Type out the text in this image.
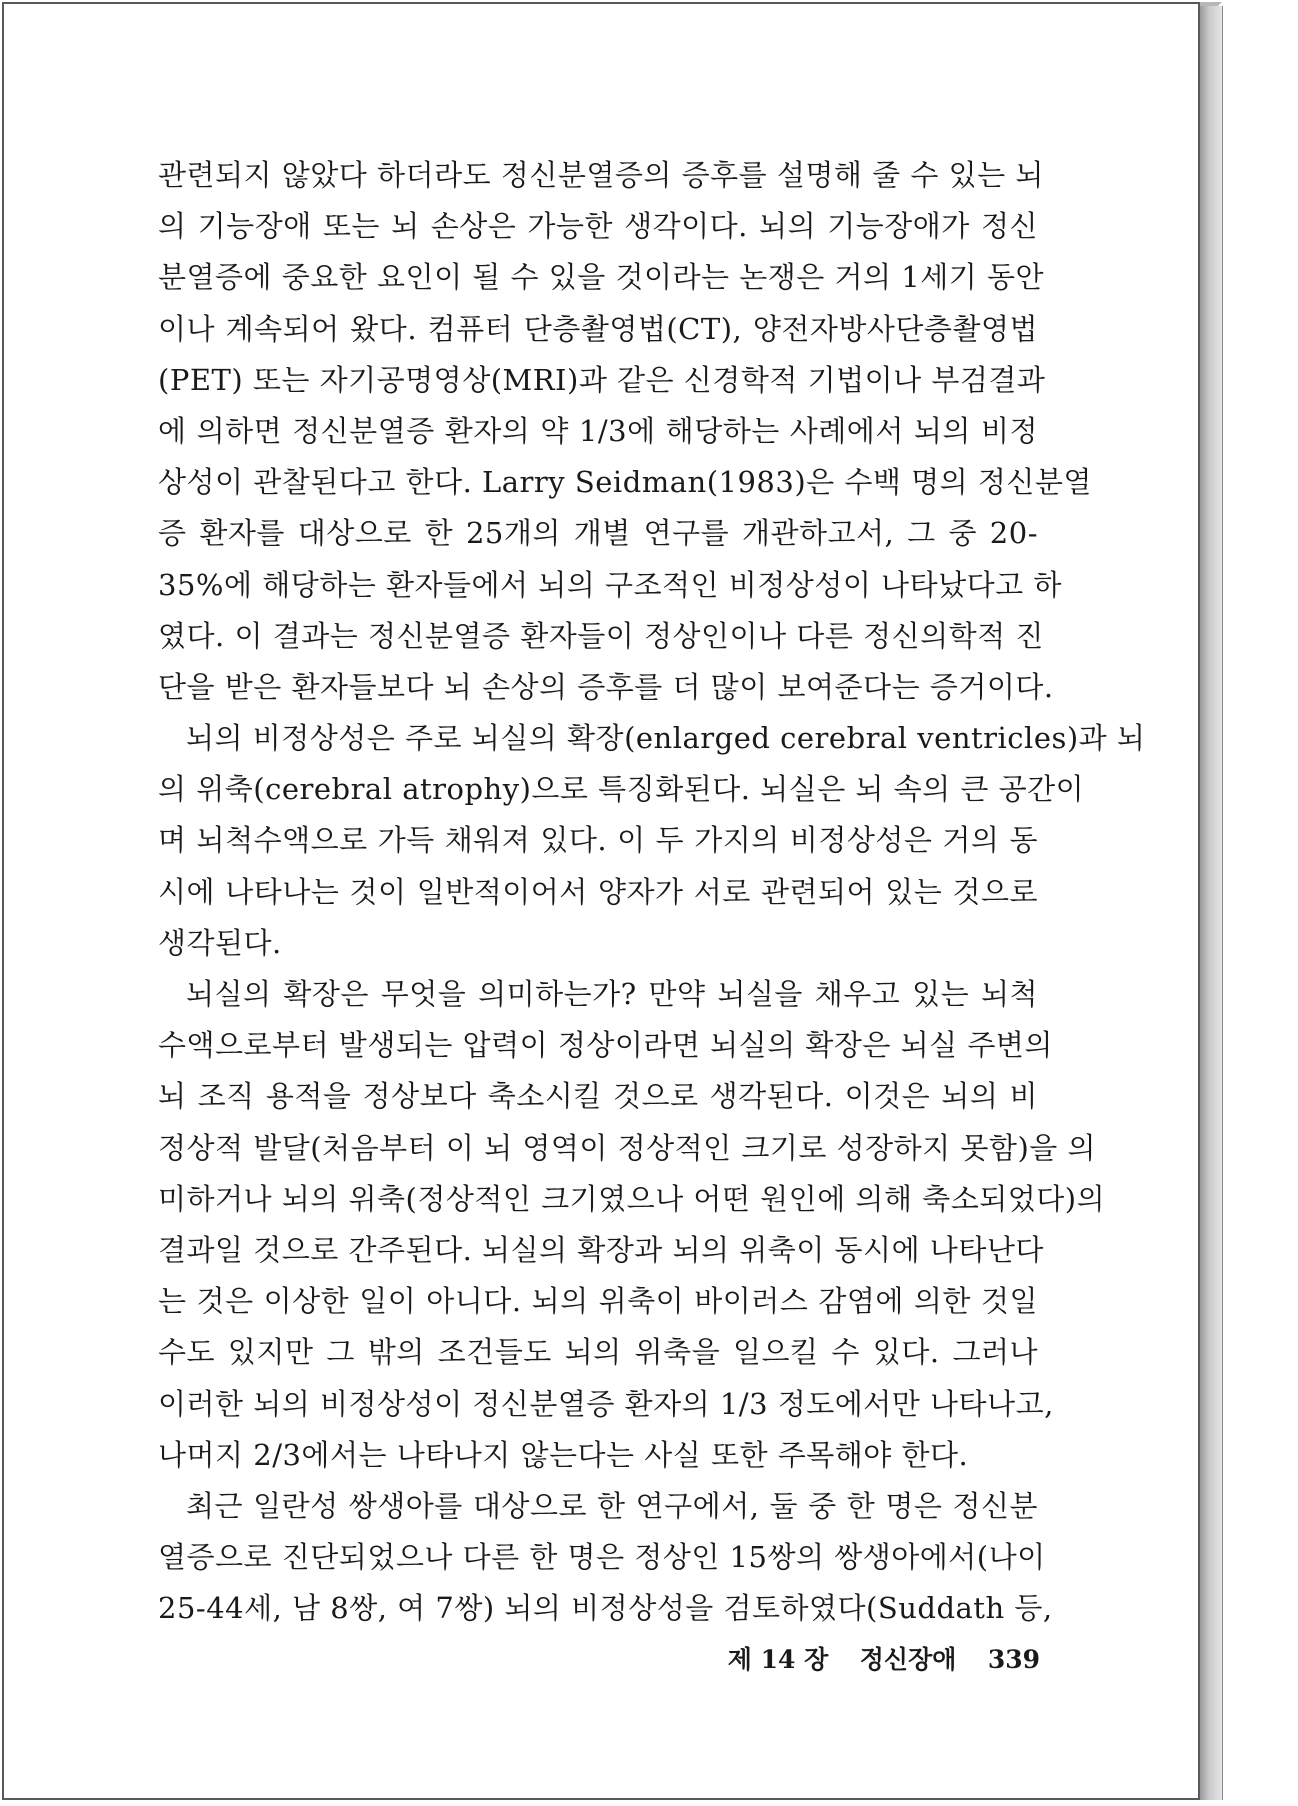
관련되지 않았다 하더라도 정신분열증의 증후를 설명해 줄 수 있는 뇌

의 기능장애 또는 뇌 손상은 가능한 생각이다. 뇌의 기능장애가 정신

분열증에 중요한 요인이 될 수 있을 것이라는 논쟁은 거의 1세기 동안

이나 계속되어 왔다. 컴퓨터 단층촬영법(CT), 양전자방사단층촬영법

(PET) 또는 자기공명영상(MRI)과 같은 신경학적 기법이나 부검결과

에 의하면 정신분열증 환자의 약 1/3에 해당하는 사례에서 뇌의 비정

상성이 관찰된다고 한다. Larry Seidman(1983)은 수백 명의 정신분열

증 환자를 대상으로 한 25개의 개별 연구를 개관하고서, 그 중 20-

35%에 해당하는 환자들에서 뇌의 구조적인 비정상성이 나타났다고 하

였다. 이 결과는 정신분열증 환자들이 정상인이나 다른 정신의학적 진

단을 받은 환자들보다 뇌 손상의 증후를 더 많이 보여준다는 증거이다.

뇌의 비정상성은 주로 뇌실의 확장(enlarged cerebral ventricles)과 뇌

의 위축(cerebral atrophy)으로 특징화된다. 뇌실은 뇌 속의 큰 공간이

며 뇌척수액으로 가득 채워져 있다. 이 두 가지의 비정상성은 거의 동

시에 나타나는 것이 일반적이어서 양자가 서로 관련되어 있는 것으로

생각된다.

뇌실의 확장은 무엇을 의미하는가? 만약 뇌실을 채우고 있는 뇌척

수액으로부터 발생되는 압력이 정상이라면 뇌실의 확장은 뇌실 주변의

뇌 조직 용적을 정상보다 축소시킬 것으로 생각된다. 이것은 뇌의 비

정상적 발달(처음부터 이 뇌 영역이 정상적인 크기로 성장하지 못함)을 의

미하거나 뇌의 위축(정상적인 크기였으나 어떤 원인에 의해 축소되었다)의

결과일 것으로 간주된다. 뇌실의 확장과 뇌의 위축이 동시에 나타난다

는 것은 이상한 일이 아니다. 뇌의 위축이 바이러스 감염에 의한 것일

수도 있지만 그 밖의 조건들도 뇌의 위축을 일으킬 수 있다. 그러나

이러한 뇌의 비정상성이 정신분열증 환자의 1/3 정도에서만 나타나고,

나머지 2/3에서는 나타나지 않는다는 사실 또한 주목해야 한다.

최근 일란성 쌍생아를 대상으로 한 연구에서, 둘 중 한 명은 정신분

열증으로 진단되었으나 다른 한 명은 정상인 15쌍의 쌍생아에서(나이

25-44세, 남 8쌍, 여 7쌍) 뇌의 비정상성을 검토하였다(Suddath 등,

제 14 장 정신장애 339
